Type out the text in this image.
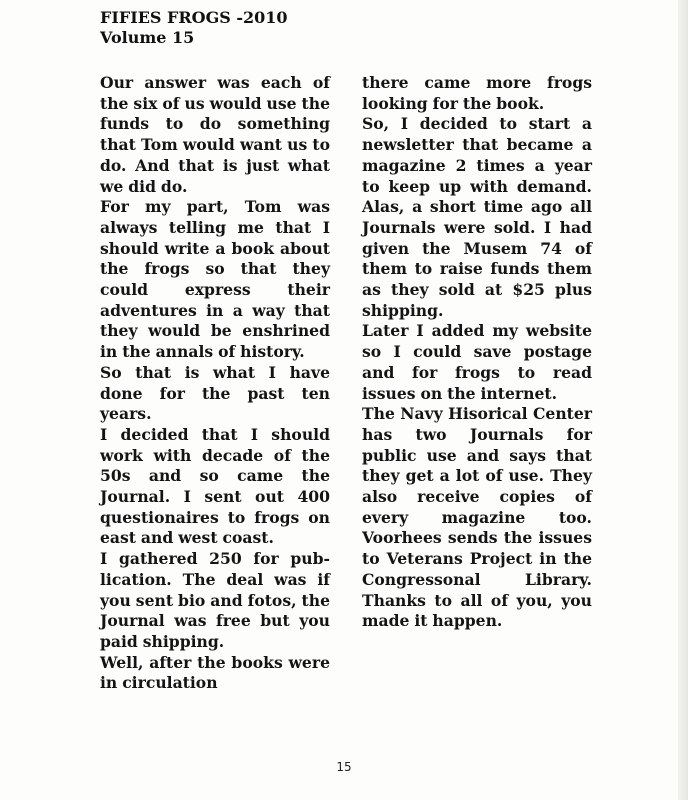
FIFIES FROGS -2010
Volume 15

Our answer was each of the six of us would use the funds to do something that Tom would want us to do. And that is just what we did do.

For my part, Tom was always telling me that I should write a book about the frogs so that they could express their adventures in a way that they would be enshrined in the annals of history.

So that is what I have done for the past ten years.

I decided that I should work with decade of the 50s and so came the Journal. I sent out 400 questionaires to frogs on east and west coast.

I gathered 250 for pub-lication. The deal was if you sent bio and fotos, the Journal was free but you paid shipping.

Well, after the books were in circulation

there came more frogs looking for the book.

So, I decided to start a newsletter that became a magazine 2 times a year to keep up with demand. Alas, a short time ago all Journals were sold. I had given the Musem 74 of them to raise funds them as they sold at $25 plus shipping.

Later I added my website so I could save postage and for frogs to read issues on the internet.

The Navy Hisorical Center has two Journals for public use and says that they get a lot of use. They also receive copies of every magazine too. Voorhees sends the issues to Veterans Project in the Congressonal Library. Thanks to all of you, you made it happen.

15
